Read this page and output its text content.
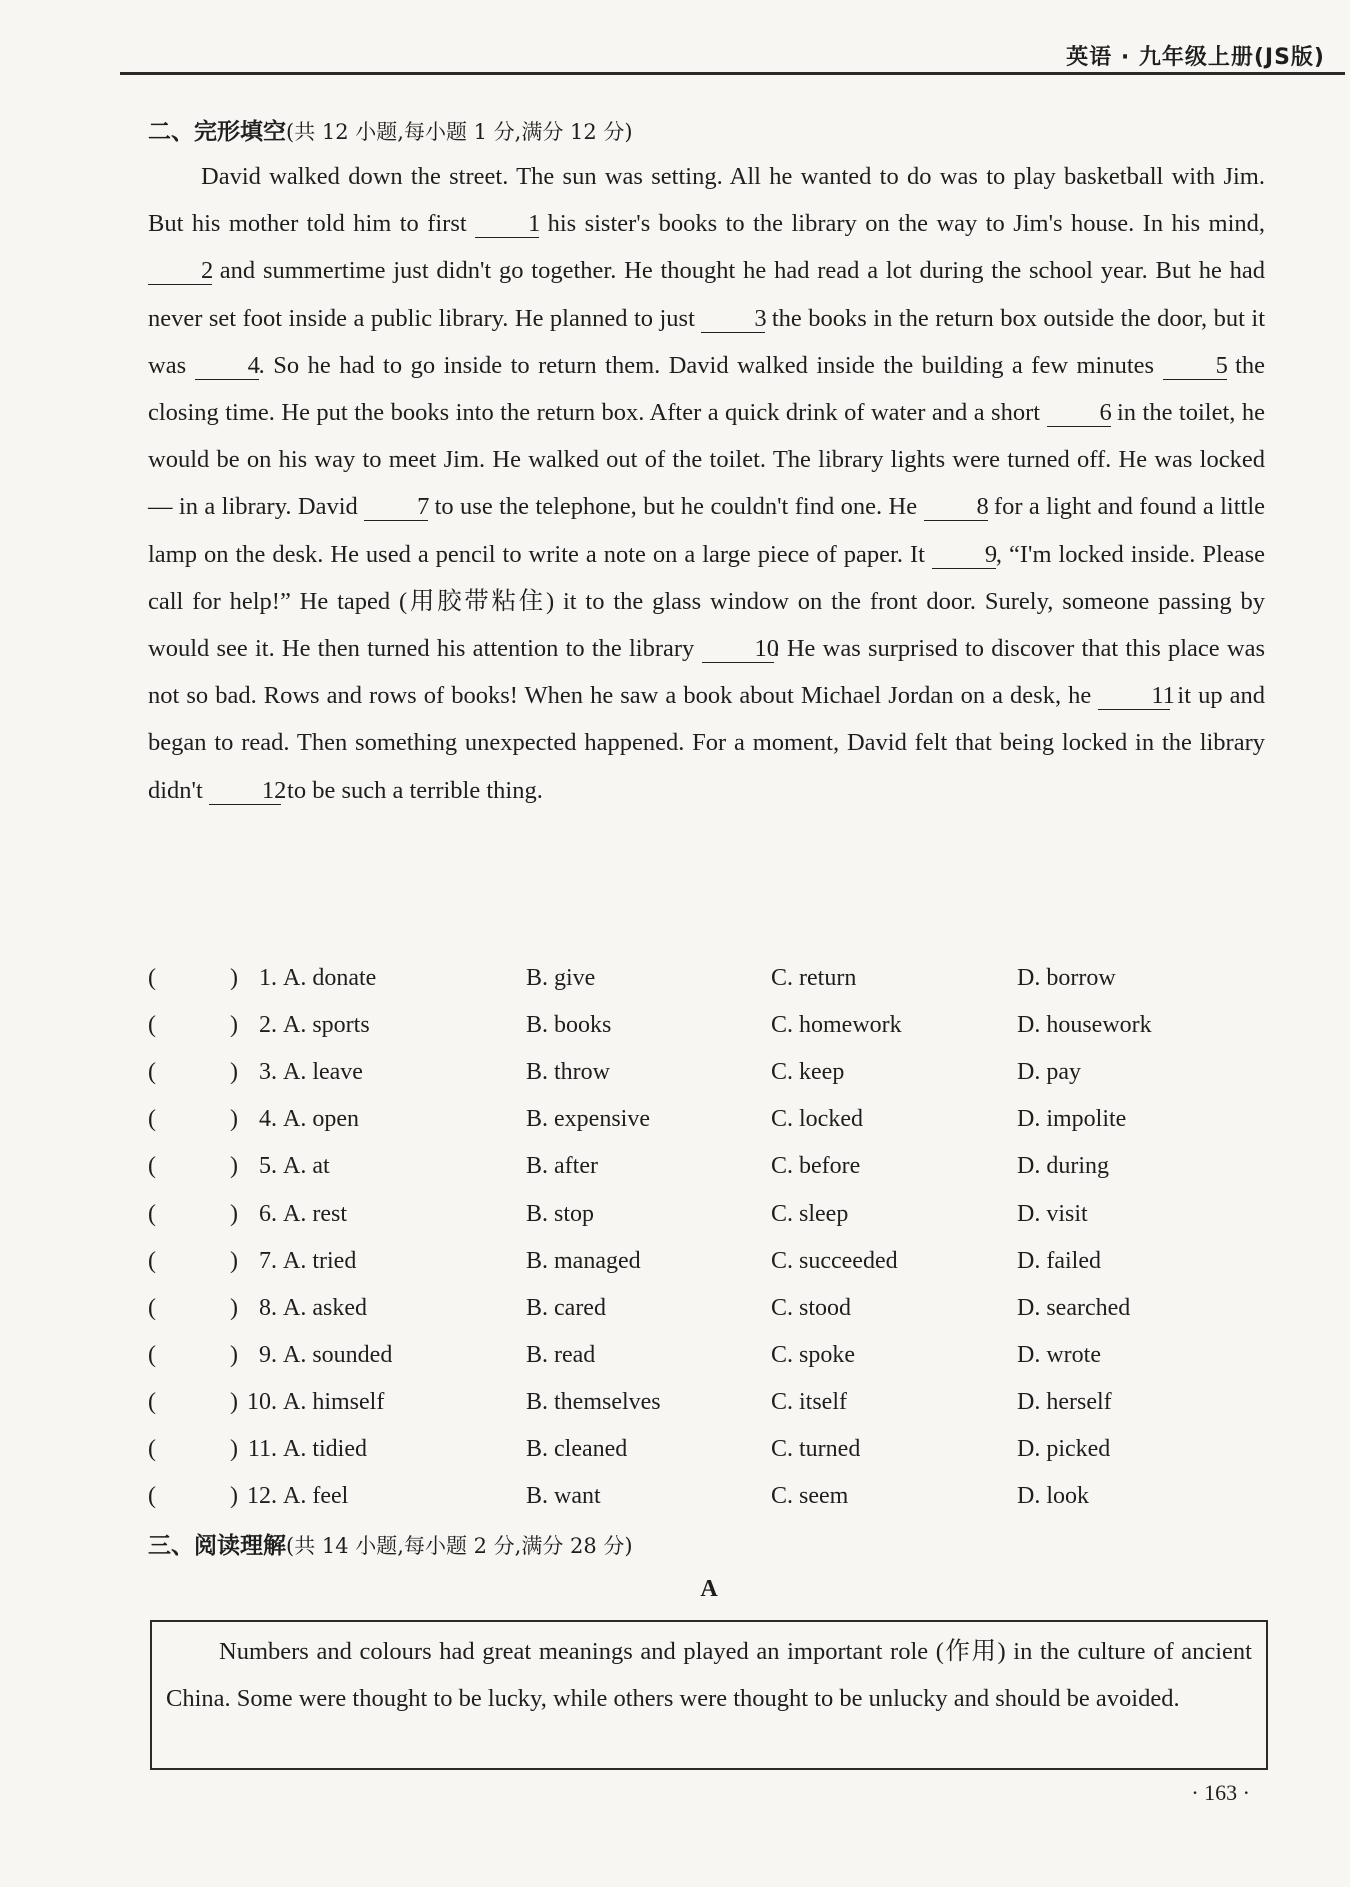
英语 · 九年级上册(JS版)
二、完形填空(共 12 小题,每小题 1 分,满分 12 分)

David walked down the street. The sun was setting. All he wanted to do was to play basketball with Jim. But his mother told him to first	1 his sister's books to the library on the way to Jim's house. In his mind, 2 and summertime just didn't go together. He thought he had read a lot during the school year. But he had never set foot inside a public library. He planned to just 3 the books in the return box outside the door, but it was	4. So he had to go inside to return them. David walked inside the building a few minutes	5 the closing time. He put the books into the return box. After a quick drink of water and a short 6 in the toilet, he would be on his way to meet Jim. He walked out of the toilet. The library lights were turned off. He was locked — in a library. David 7 to use the telephone, but he couldn't find one. He 8 for a light and found a little lamp on the desk. He used a pencil to write a note on a large piece of paper. It 9, “I'm locked inside. Please call for help!” He taped (用胶带粘住) it to the glass window on the front door. Surely, someone passing by would see it. He then turned his attention to the library 10. He was surprised to discover that this place was not so bad. Rows and rows of books! When he saw a book about Michael Jordan on a desk, he 11 it up and began to read. Then something unexpected happened. For a moment, David felt that being locked in the library didn't 12 to be such a terrible thing.

(	) 1. A. donate	B. give	C. return	D. borrow
(	) 2. A. sports	B. books	C. homework	D. housework
(	) 3. A. leave	B. throw	C. keep	D. pay
(	) 4. A. open	B. expensive	C. locked	D. impolite
(	) 5. A. at	B. after	C. before	D. during
(	) 6. A. rest	B. stop	C. sleep	D. visit
(	) 7. A. tried	B. managed	C. succeeded	D. failed
(	) 8. A. asked	B. cared	C. stood	D. searched
(	) 9. A. sounded	B. read	C. spoke	D. wrote
(	) 10. A. himself	B. themselves	C. itself	D. herself
(	) 11. A. tidied	B. cleaned	C. turned	D. picked
(	) 12. A. feel	B. want	C. seem	D. look
三、阅读理解(共 14 小题,每小题 2 分,满分 28 分)
A

Numbers and colours had great meanings and played an important role (作用) in the culture of ancient China. Some were thought to be lucky, while others were thought to be unlucky and should be avoided.

· 163 ·
